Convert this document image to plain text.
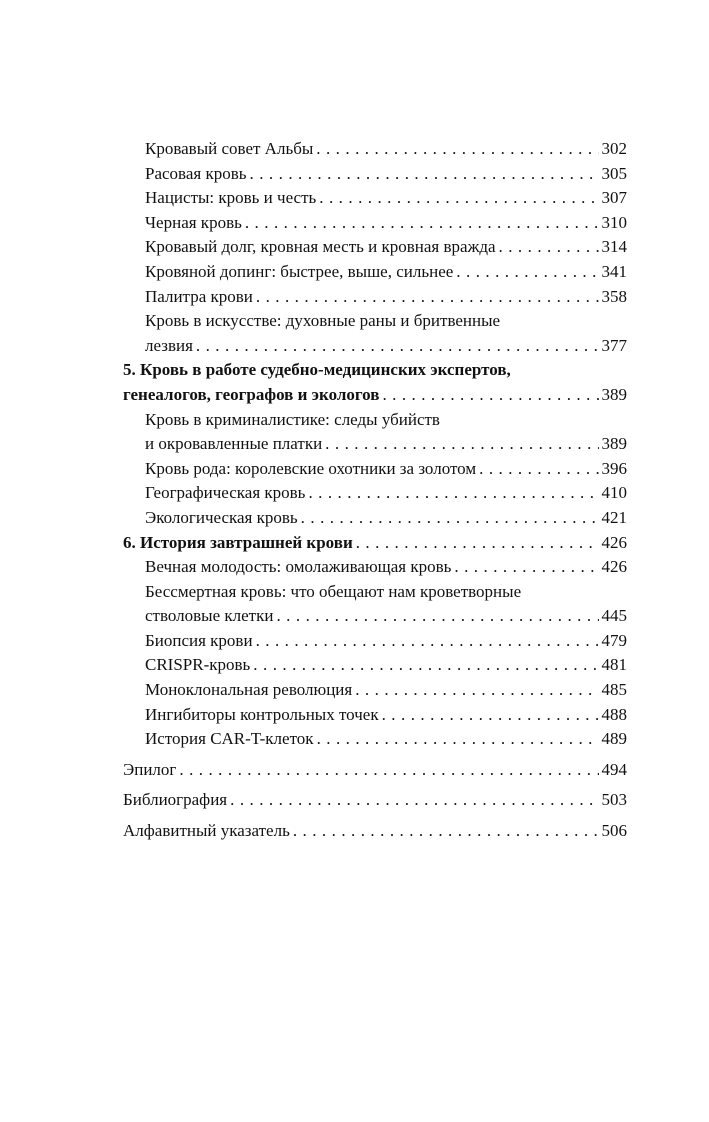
Кровавый совет Альбы . . .	302
Расовая кровь . . .	305
Нацисты: кровь и честь . . .	307
Черная кровь . . .	310
Кровавый долг, кровная месть и кровная вражда . . .	314
Кровяной допинг: быстрее, выше, сильнее . . .	341
Палитра крови . . .	358
Кровь в искусстве: духовные раны и бритвенные
лезвия . . .	377
5. Кровь в работе судебно-медицинских экспертов,
генеалогов, географов и экологов . . .	389
Кровь в криминалистике: следы убийств
и окровавленные платки . . .	389
Кровь рода: королевские охотники за золотом . . .	396
Географическая кровь . . .	410
Экологическая кровь . . .	421
6. История завтрашней крови . . .	426
Вечная молодость: омолаживающая кровь . . .	426
Бессмертная кровь: что обещают нам кроветворные
стволовые клетки . . .	445
Биопсия крови . . .	479
CRISPR-кровь . . .	481
Моноклональная революция . . .	485
Ингибиторы контрольных точек . . .	488
История CAR-T-клеток . . .	489
Эпилог . . .	494
Библиография . . .	503
Алфавитный указатель . . .	506
